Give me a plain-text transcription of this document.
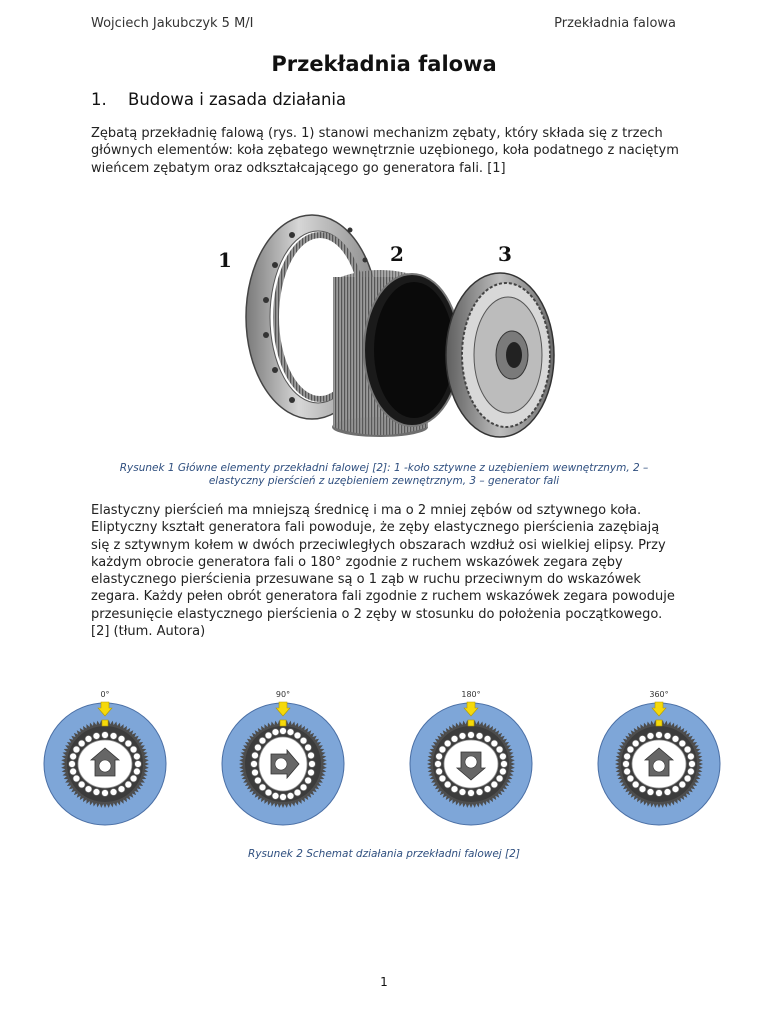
Wojciech Jakubczyk 5 M/I	Przekładnia falowa
Przekładnia falowa
1. Budowa i zasada działania

Zębatą przekładnię falową (rys. 1) stanowi mechanizm zębaty, który składa się z trzech głównych elementów: koła zębatego wewnętrznie uzębionego, koła podatnego z naciętym wieńcem zębatym oraz odkształcającego go generatora fali. [1]

1	2	3
Rysunek 1 Główne elementy przekładni falowej [2]: 1 -koło sztywne z uzębieniem wewnętrznym, 2 –
elastyczny pierścień z uzębieniem zewnętrznym, 3 – generator fali

Elastyczny pierścień ma mniejszą średnicę i ma o 2 mniej zębów od sztywnego koła. Eliptyczny kształt generatora fali powoduje, że zęby elastycznego pierścienia zazębiają się z sztywnym kołem w dwóch przeciwległych obszarach wzdłuż osi wielkiej elipsy. Przy każdym obrocie generatora fali o 180° zgodnie z ruchem wskazówek zegara zęby elastycznego pierścienia przesuwane są o 1 ząb w ruchu przeciwnym do wskazówek zegara. Każdy pełen obrót generatora fali zgodnie z ruchem wskazówek zegara powoduje przesunięcie elastycznego pierścienia o 2 zęby w stosunku do położenia początkowego. [2] (tłum. Autora)

0°	90°	180°	360°
Rysunek 2 Schemat działania przekładni falowej [2]
1
